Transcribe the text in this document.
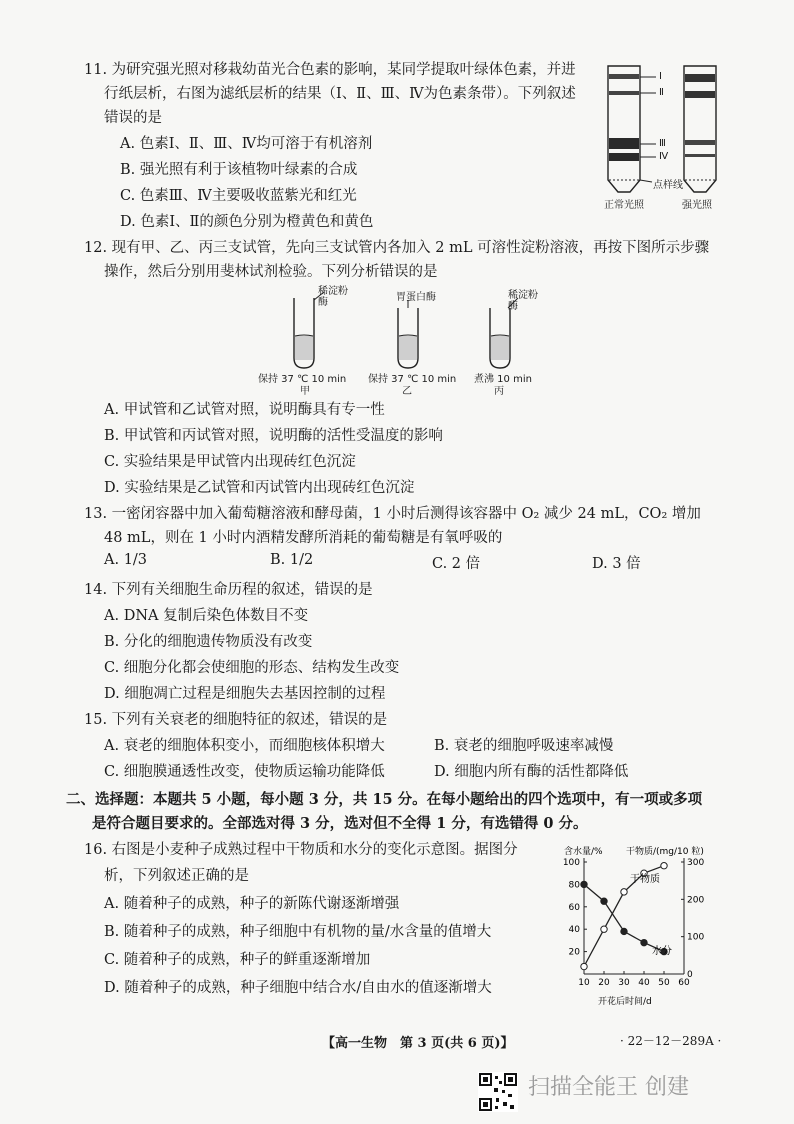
11. 为研究强光照对移栽幼苗光合色素的影响，某同学提取叶绿体色素，并进
行纸层析，右图为滤纸层析的结果（Ⅰ、Ⅱ、Ⅲ、Ⅳ为色素条带）。下列叙述
错误的是
A. 色素Ⅰ、Ⅱ、Ⅲ、Ⅳ均可溶于有机溶剂
B. 强光照有利于该植物叶绿素的合成
C. 色素Ⅲ、Ⅳ主要吸收蓝紫光和红光
D. 色素Ⅰ、Ⅱ的颜色分别为橙黄色和黄色
Ⅰ
Ⅱ
Ⅲ
Ⅳ
点样线
正常光照	强光照
12. 现有甲、乙、丙三支试管，先向三支试管内各加入 2 mL 可溶性淀粉溶液，再按下图所示步骤
操作，然后分别用斐林试剂检验。下列分析错误的是
稀淀粉酶	胃蛋白酶	稀淀粉酶
保持 37 ℃ 10 min
甲
保持 37 ℃ 10 min
乙
煮沸 10 min
丙
A. 甲试管和乙试管对照，说明酶具有专一性
B. 甲试管和丙试管对照，说明酶的活性受温度的影响
C. 实验结果是甲试管内出现砖红色沉淀
D. 实验结果是乙试管和丙试管内出现砖红色沉淀
13. 一密闭容器中加入葡萄糖溶液和酵母菌，1 小时后测得该容器中 O₂ 减少 24 mL，CO₂ 增加
48 mL，则在 1 小时内酒精发酵所消耗的葡萄糖是有氧呼吸的
A. 1/3	B. 1/2	C. 2 倍	D. 3 倍
14. 下列有关细胞生命历程的叙述，错误的是
A. DNA 复制后染色体数目不变
B. 分化的细胞遗传物质没有改变
C. 细胞分化都会使细胞的形态、结构发生改变
D. 细胞凋亡过程是细胞失去基因控制的过程
15. 下列有关衰老的细胞特征的叙述，错误的是
A. 衰老的细胞体积变小，而细胞核体积增大	B. 衰老的细胞呼吸速率减慢
C. 细胞膜通透性改变，使物质运输功能降低	D. 细胞内所有酶的活性都降低
二、选择题：本题共 5 小题，每小题 3 分，共 15 分。在每小题给出的四个选项中，有一项或多项
是符合题目要求的。全部选对得 3 分，选对但不全得 1 分，有选错得 0 分。
16. 右图是小麦种子成熟过程中干物质和水分的变化示意图。据图分
析，下列叙述正确的是
A. 随着种子的成熟，种子的新陈代谢逐渐增强
B. 随着种子的成熟，种子细胞中有机物的量/水含量的值增大
C. 随着种子的成熟，种子的鲜重逐渐增加
D. 随着种子的成熟，种子细胞中结合水/自由水的值逐渐增大
含水量/%	干物质/(mg/10 粒)
20
40
60
80
100
0
100
200
300
10 20 30 40 50 60
干物质
水分
开花后时间/d
【高一生物　第 3 页(共 6 页)】	· 22－12－289A ·
扫描全能王 创建
